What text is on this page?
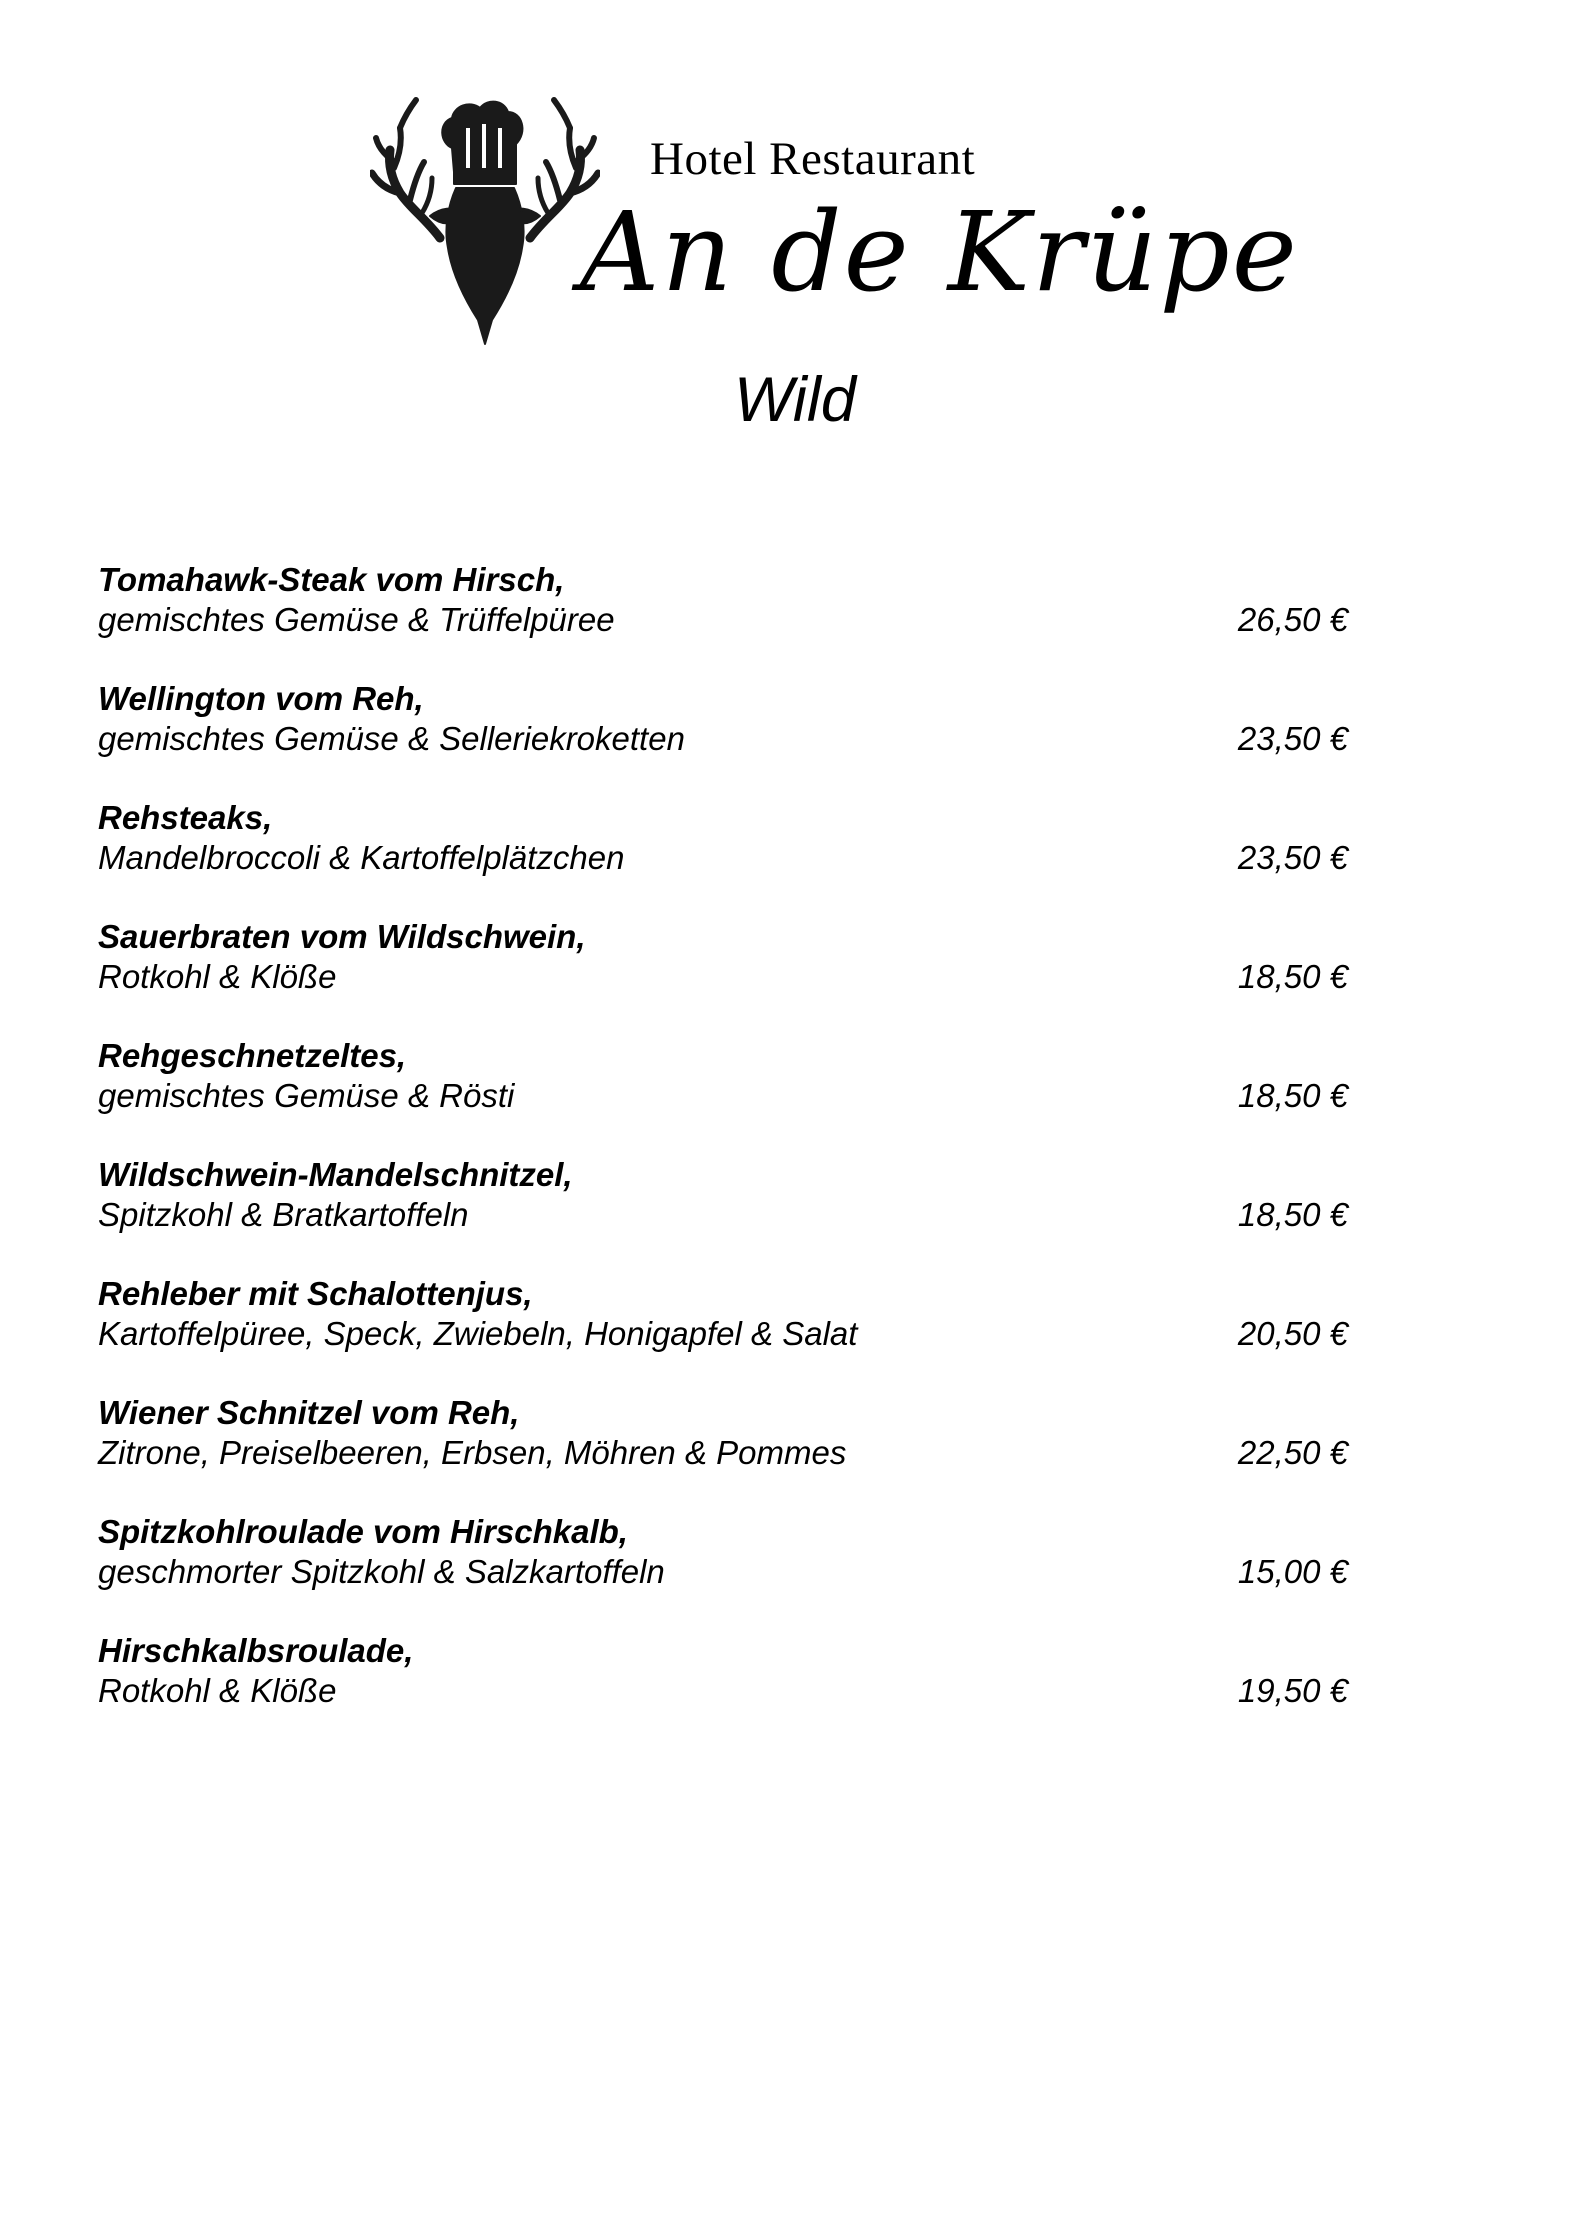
Hotel Restaurant
An de Krüpe
Wild
Tomahawk-Steak vom Hirsch,
gemischtes Gemüse & Trüffelpüree	26,50 €
Wellington vom Reh,
gemischtes Gemüse & Selleriekroketten	23,50 €
Rehsteaks,
Mandelbroccoli & Kartoffelplätzchen	23,50 €
Sauerbraten vom Wildschwein,
Rotkohl & Klöße	18,50 €
Rehgeschnetzeltes,
gemischtes Gemüse & Rösti	18,50 €
Wildschwein-Mandelschnitzel,
Spitzkohl & Bratkartoffeln	18,50 €
Rehleber mit Schalottenjus,
Kartoffelpüree, Speck, Zwiebeln, Honigapfel & Salat	20,50 €
Wiener Schnitzel vom Reh,
Zitrone, Preiselbeeren, Erbsen, Möhren & Pommes	22,50 €
Spitzkohlroulade vom Hirschkalb,
geschmorter Spitzkohl & Salzkartoffeln	15,00 €
Hirschkalbsroulade,
Rotkohl & Klöße	19,50 €
